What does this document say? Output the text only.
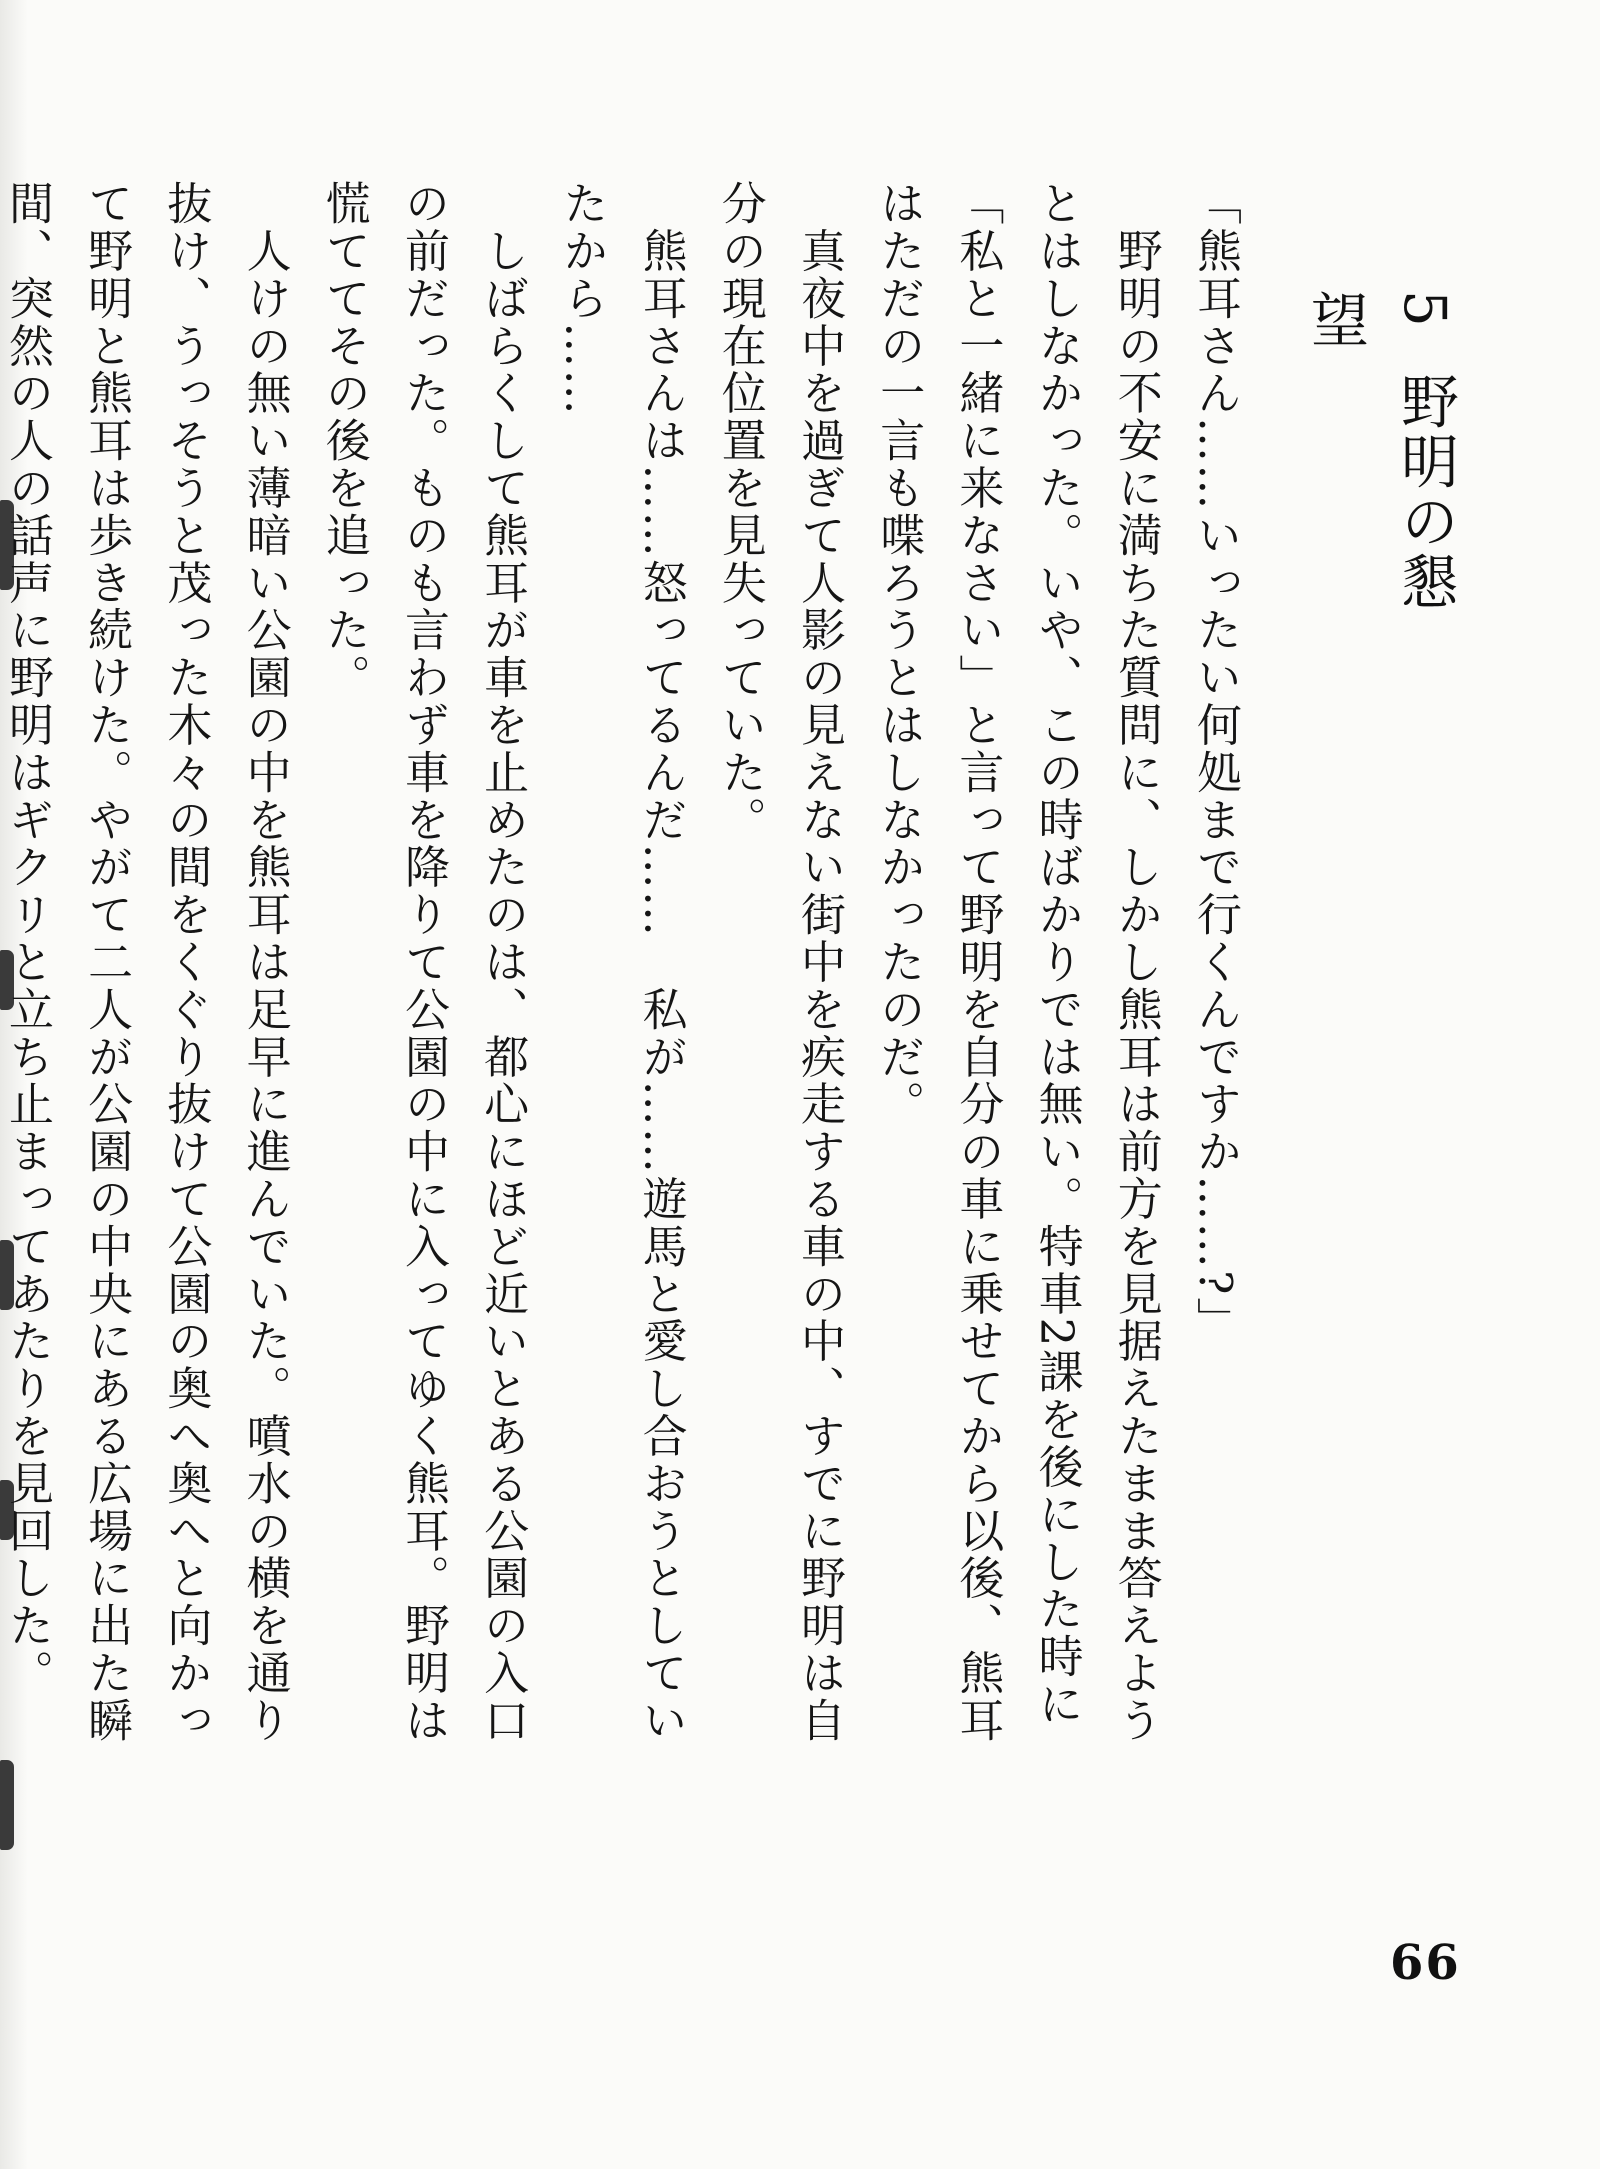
5 野明の懇望

「熊耳さん……いったい何処まで行くんですか……?」

　野明の不安に満ちた質問に、しかし熊耳は前方を見据えたまま答えようとはしなかった。いや、この時ばかりでは無い。特車2課を後にした時に「私と一緒に来なさい」と言って野明を自分の車に乗せてから以後、熊耳はただの一言も喋ろうとはしなかったのだ。

　真夜中を過ぎて人影の見えない街中を疾走する車の中、すでに野明は自分の現在位置を見失っていた。

　熊耳さんは……怒ってるんだ……　私が……遊馬と愛し合おうとしていたから……

　しばらくして熊耳が車を止めたのは、都心にほど近いとある公園の入口の前だった。ものも言わず車を降りて公園の中に入ってゆく熊耳。野明は慌ててその後を追った。

　人けの無い薄暗い公園の中を熊耳は足早に進んでいた。噴水の横を通り抜け、うっそうと茂った木々の間をくぐり抜けて公園の奥へ奥へと向かって野明と熊耳は歩き続けた。やがて二人が公園の中央にある広場に出た瞬間、突然の人の話声に野明はギクリと立ち止まってあたりを見回した。

66
